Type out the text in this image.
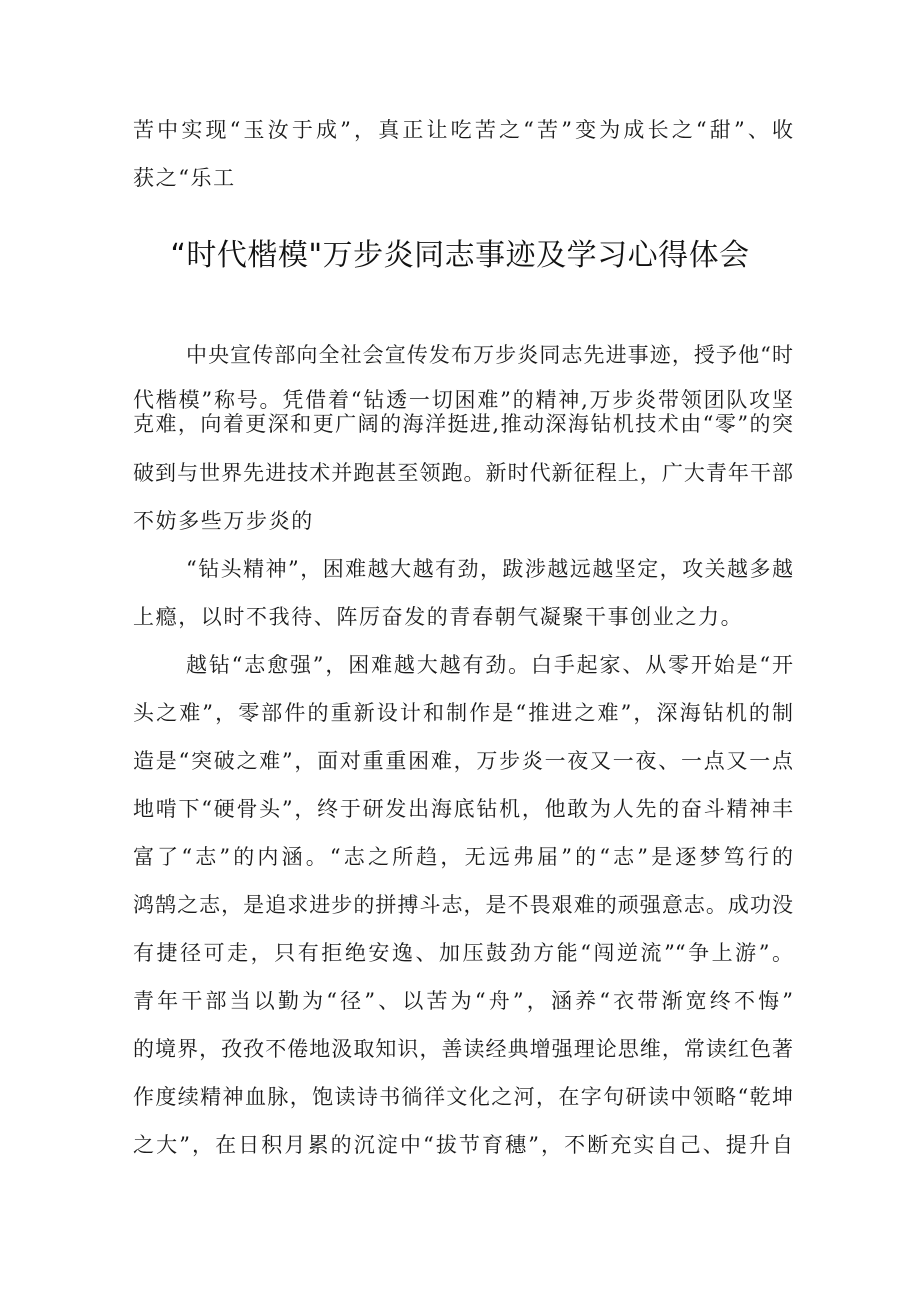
苦中实现“玉汝于成”，真正让吃苦之“苦”变为成长之“甜”、收
获之“乐工
“时代楷模"万步炎同志事迹及学习心得体会
中央宣传部向全社会宣传发布万步炎同志先进事迹，授予他“时
代楷模”称号。凭借着“钻透一切困难”的精神,万步炎带领团队攻坚
克难，向着更深和更广阔的海洋挺进,推动深海钻机技术由“零”的突
破到与世界先进技术并跑甚至领跑。新时代新征程上，广大青年干部
不妨多些万步炎的
“钻头精神”，困难越大越有劲，跋涉越远越坚定，攻关越多越
上瘾，以时不我待、阵厉奋发的青春朝气凝聚干事创业之力。
越钻“志愈强”，困难越大越有劲。白手起家、从零开始是“开
头之难”，零部件的重新设计和制作是“推进之难”，深海钻机的制
造是“突破之难”，面对重重困难，万步炎一夜又一夜、一点又一点
地啃下“硬骨头”，终于研发出海底钻机，他敢为人先的奋斗精神丰
富了“志”的内涵。“志之所趋，无远弗届”的“志”是逐梦笃行的
鸿鹄之志，是追求进步的拼搏斗志，是不畏艰难的顽强意志。成功没
有捷径可走，只有拒绝安逸、加压鼓劲方能“闯逆流”“争上游”。
青年干部当以勤为“径”、以苦为“舟”，涵养“衣带渐宽终不悔”
的境界，孜孜不倦地汲取知识，善读经典增强理论思维，常读红色著
作度续精神血脉，饱读诗书徜徉文化之河，在字句研读中领略“乾坤
之大”，在日积月累的沉淀中“拔节育穗”，不断充实自己、提升自
